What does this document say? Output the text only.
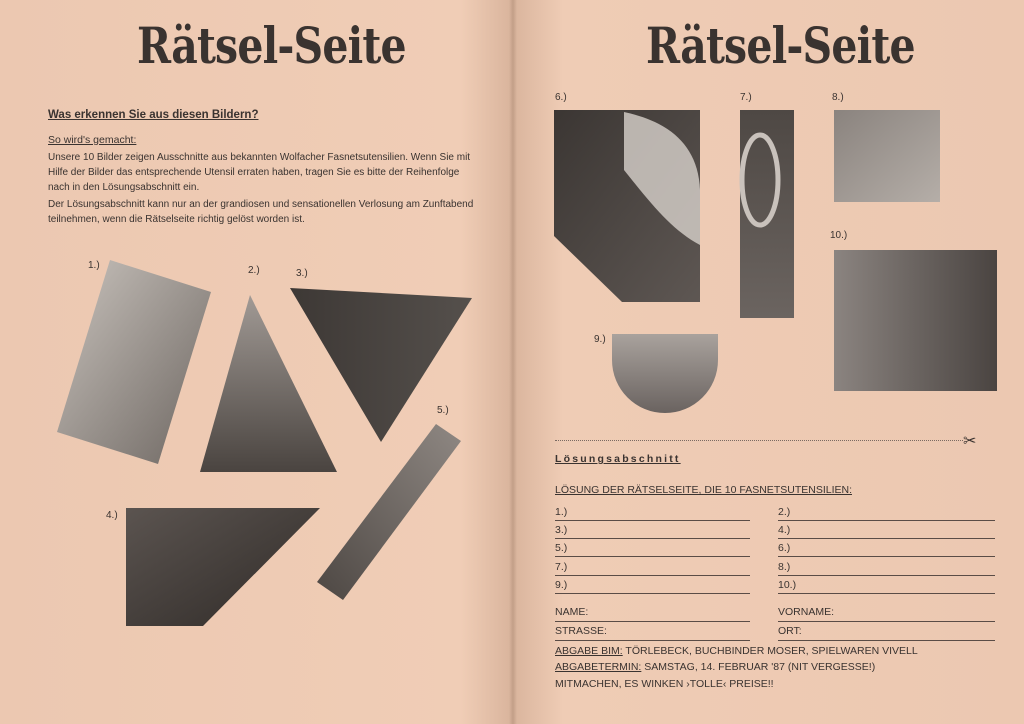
Rätsel-Seite
Was erkennen Sie aus diesen Bildern?
So wird's gemacht:
Unsere 10 Bilder zeigen Ausschnitte aus bekannten Wolfacher Fasnetsutensilien. Wenn Sie mit Hilfe der Bilder das entsprechende Utensil erraten haben, tragen Sie es bitte der Reihenfolge nach in den Lösungsabschnitt ein.
Der Lösungsabschnitt kann nur an der grandiosen und sensationellen Verlosung am Zunftabend teilnehmen, wenn die Rätselseite richtig gelöst worden ist.
1.)	2.)	3.)
4.)
5.)
Rätsel-Seite
6.)	7.)	8.)
9.)
10.)
✂
Lösungsabschnitt
LÖSUNG DER RÄTSELSEITE, DIE 10 FASNETSUTENSILIEN:
1.)	2.)
3.)	4.)
5.)	6.)
7.)	8.)
9.)	10.)
NAME:	VORNAME:
STRASSE:	ORT:
ABGABE BIM: TÖRLEBECK, BUCHBINDER MOSER, SPIELWAREN VIVELL
ABGABETERMIN: SAMSTAG, 14. FEBRUAR '87 (NIT VERGESSE!)
MITMACHEN, ES WINKEN ›TOLLE‹ PREISE!!
